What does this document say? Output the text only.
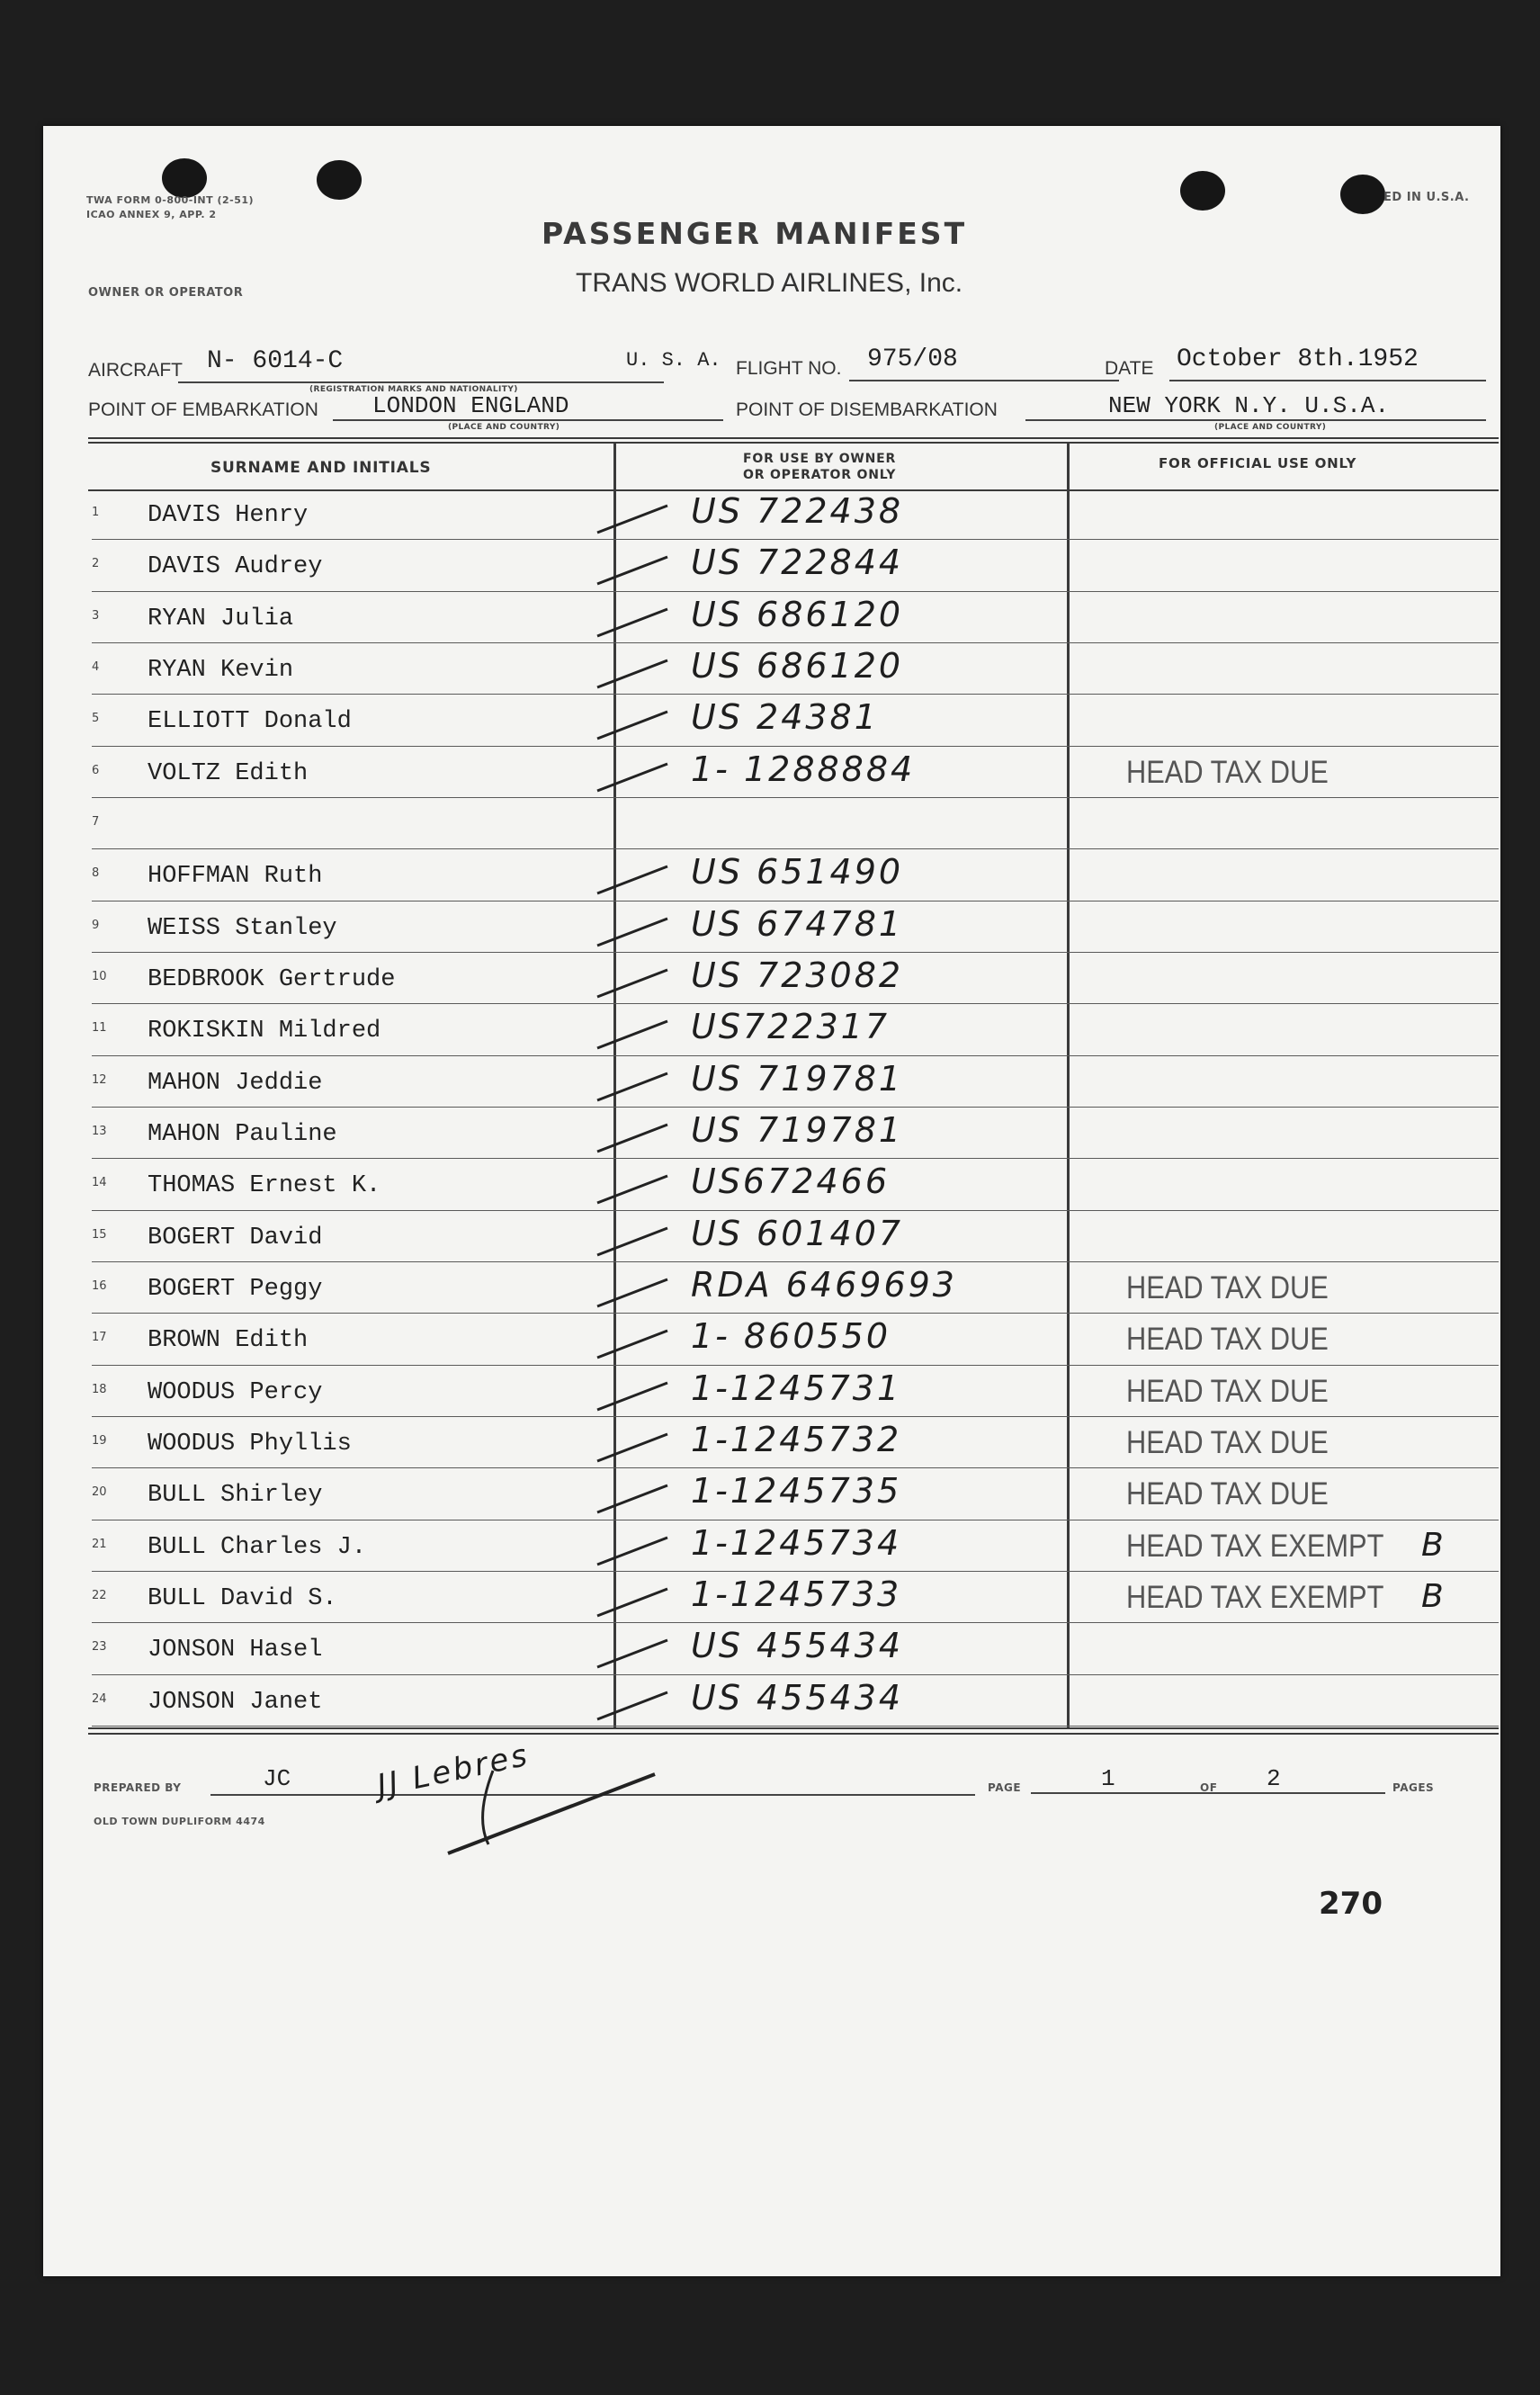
TWA FORM 0-800-INT (2-51)
ICAO ANNEX 9, APP. 2
ED IN U.S.A.
PASSENGER MANIFEST
TRANS WORLD AIRLINES, Inc.
OWNER OR OPERATOR
AIRCRAFT N- 6014-C
(REGISTRATION MARKS AND NATIONALITY)
U. S. A. FLIGHT NO. 975/08	DATE October 8th.1952
POINT OF EMBARKATION LONDON ENGLAND
(PLACE AND COUNTRY)
POINT OF DISEMBARKATION	NEW YORK N.Y. U.S.A.
(PLACE AND COUNTRY)
SURNAME AND INITIALS	FOR USE BY OWNER
OR OPERATOR ONLY
FOR OFFICIAL USE ONLY
1 DAVIS Henry	US 722438
2 DAVIS Audrey	US 722844
3 RYAN Julia	US 686120
4 RYAN Kevin	US 686120
5 ELLIOTT Donald	US 24381
6 VOLTZ Edith	1- 1288884	HEAD TAX DUE
7
8 HOFFMAN Ruth	US 651490
9 WEISS Stanley	US 674781
10 BEDBROOK Gertrude	US 723082
11 ROKISKIN Mildred	US722317
12 MAHON Jeddie	US 719781
13 MAHON Pauline	US 719781
14 THOMAS Ernest K.	US672466
15 BOGERT David	US 601407
16 BOGERT Peggy	RDA 6469693	HEAD TAX DUE
17 BROWN Edith	1- 860550	HEAD TAX DUE
18 WOODUS Percy	1-1245731	HEAD TAX DUE
19 WOODUS Phyllis	1-1245732	HEAD TAX DUE
20 BULL Shirley	1-1245735	HEAD TAX DUE
21 BULL Charles J.	1-1245734	HEAD TAX EXEMPT B
22 BULL David S.	1-1245733	HEAD TAX EXEMPT B
23 JONSON Hasel	US 455434
24 JONSON Janet	US 455434
PREPARED BY	JC	JJ Lebres
OLD TOWN DUPLIFORM 4474
PAGE	1	OF 2	PAGES
270
